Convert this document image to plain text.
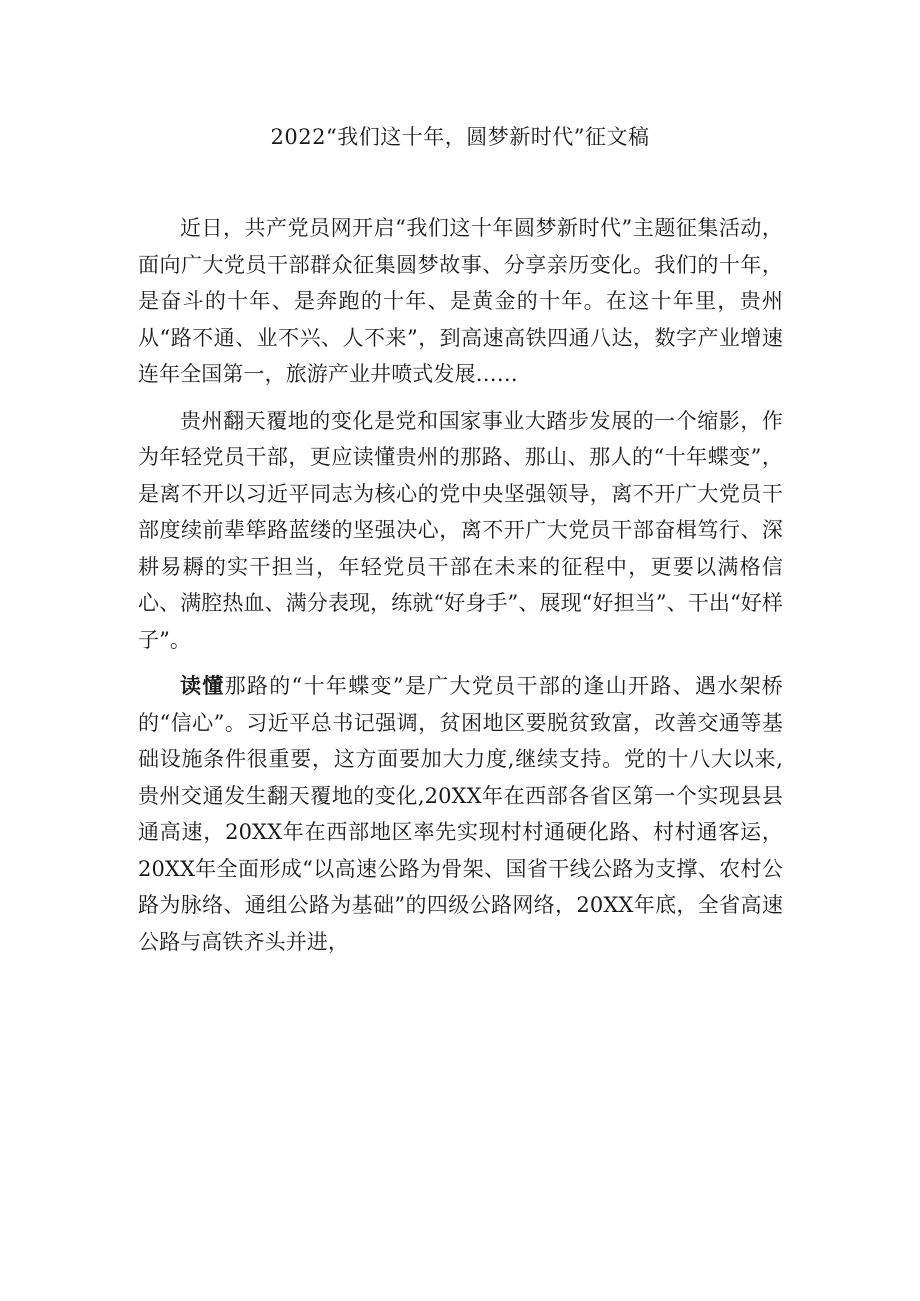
2022“我们这十年，圆梦新时代”征文稿

近日，共产党员网开启“我们这十年圆梦新时代”主题征集活动，面向广大党员干部群众征集圆梦故事、分享亲历变化。我们的十年，是奋斗的十年、是奔跑的十年、是黄金的十年。在这十年里，贵州从“路不通、业不兴、人不来”，到高速高铁四通八达，数字产业增速连年全国第一，旅游产业井喷式发展……

贵州翻天覆地的变化是党和国家事业大踏步发展的一个缩影，作为年轻党员干部，更应读懂贵州的那路、那山、那人的“十年蝶变”，是离不开以习近平同志为核心的党中央坚强领导，离不开广大党员干部度续前辈筚路蓝缕的坚强决心，离不开广大党员干部奋楫笃行、深耕易耨的实干担当，年轻党员干部在未来的征程中，更要以满格信心、满腔热血、满分表现，练就“好身手”、展现“好担当”、干出“好样子”。

读懂那路的“十年蝶变”是广大党员干部的逢山开路、遇水架桥的“信心”。习近平总书记强调，贫困地区要脱贫致富，改善交通等基础设施条件很重要，这方面要加大力度,继续支持。党的十八大以来,贵州交通发生翻天覆地的变化,20XX年在西部各省区第一个实现县县通高速，20XX年在西部地区率先实现村村通硬化路、村村通客运，20XX年全面形成“以高速公路为骨架、国省干线公路为支撑、农村公路为脉络、通组公路为基础”的四级公路网络，20XX年底，全省高速公路与高铁齐头并进，
